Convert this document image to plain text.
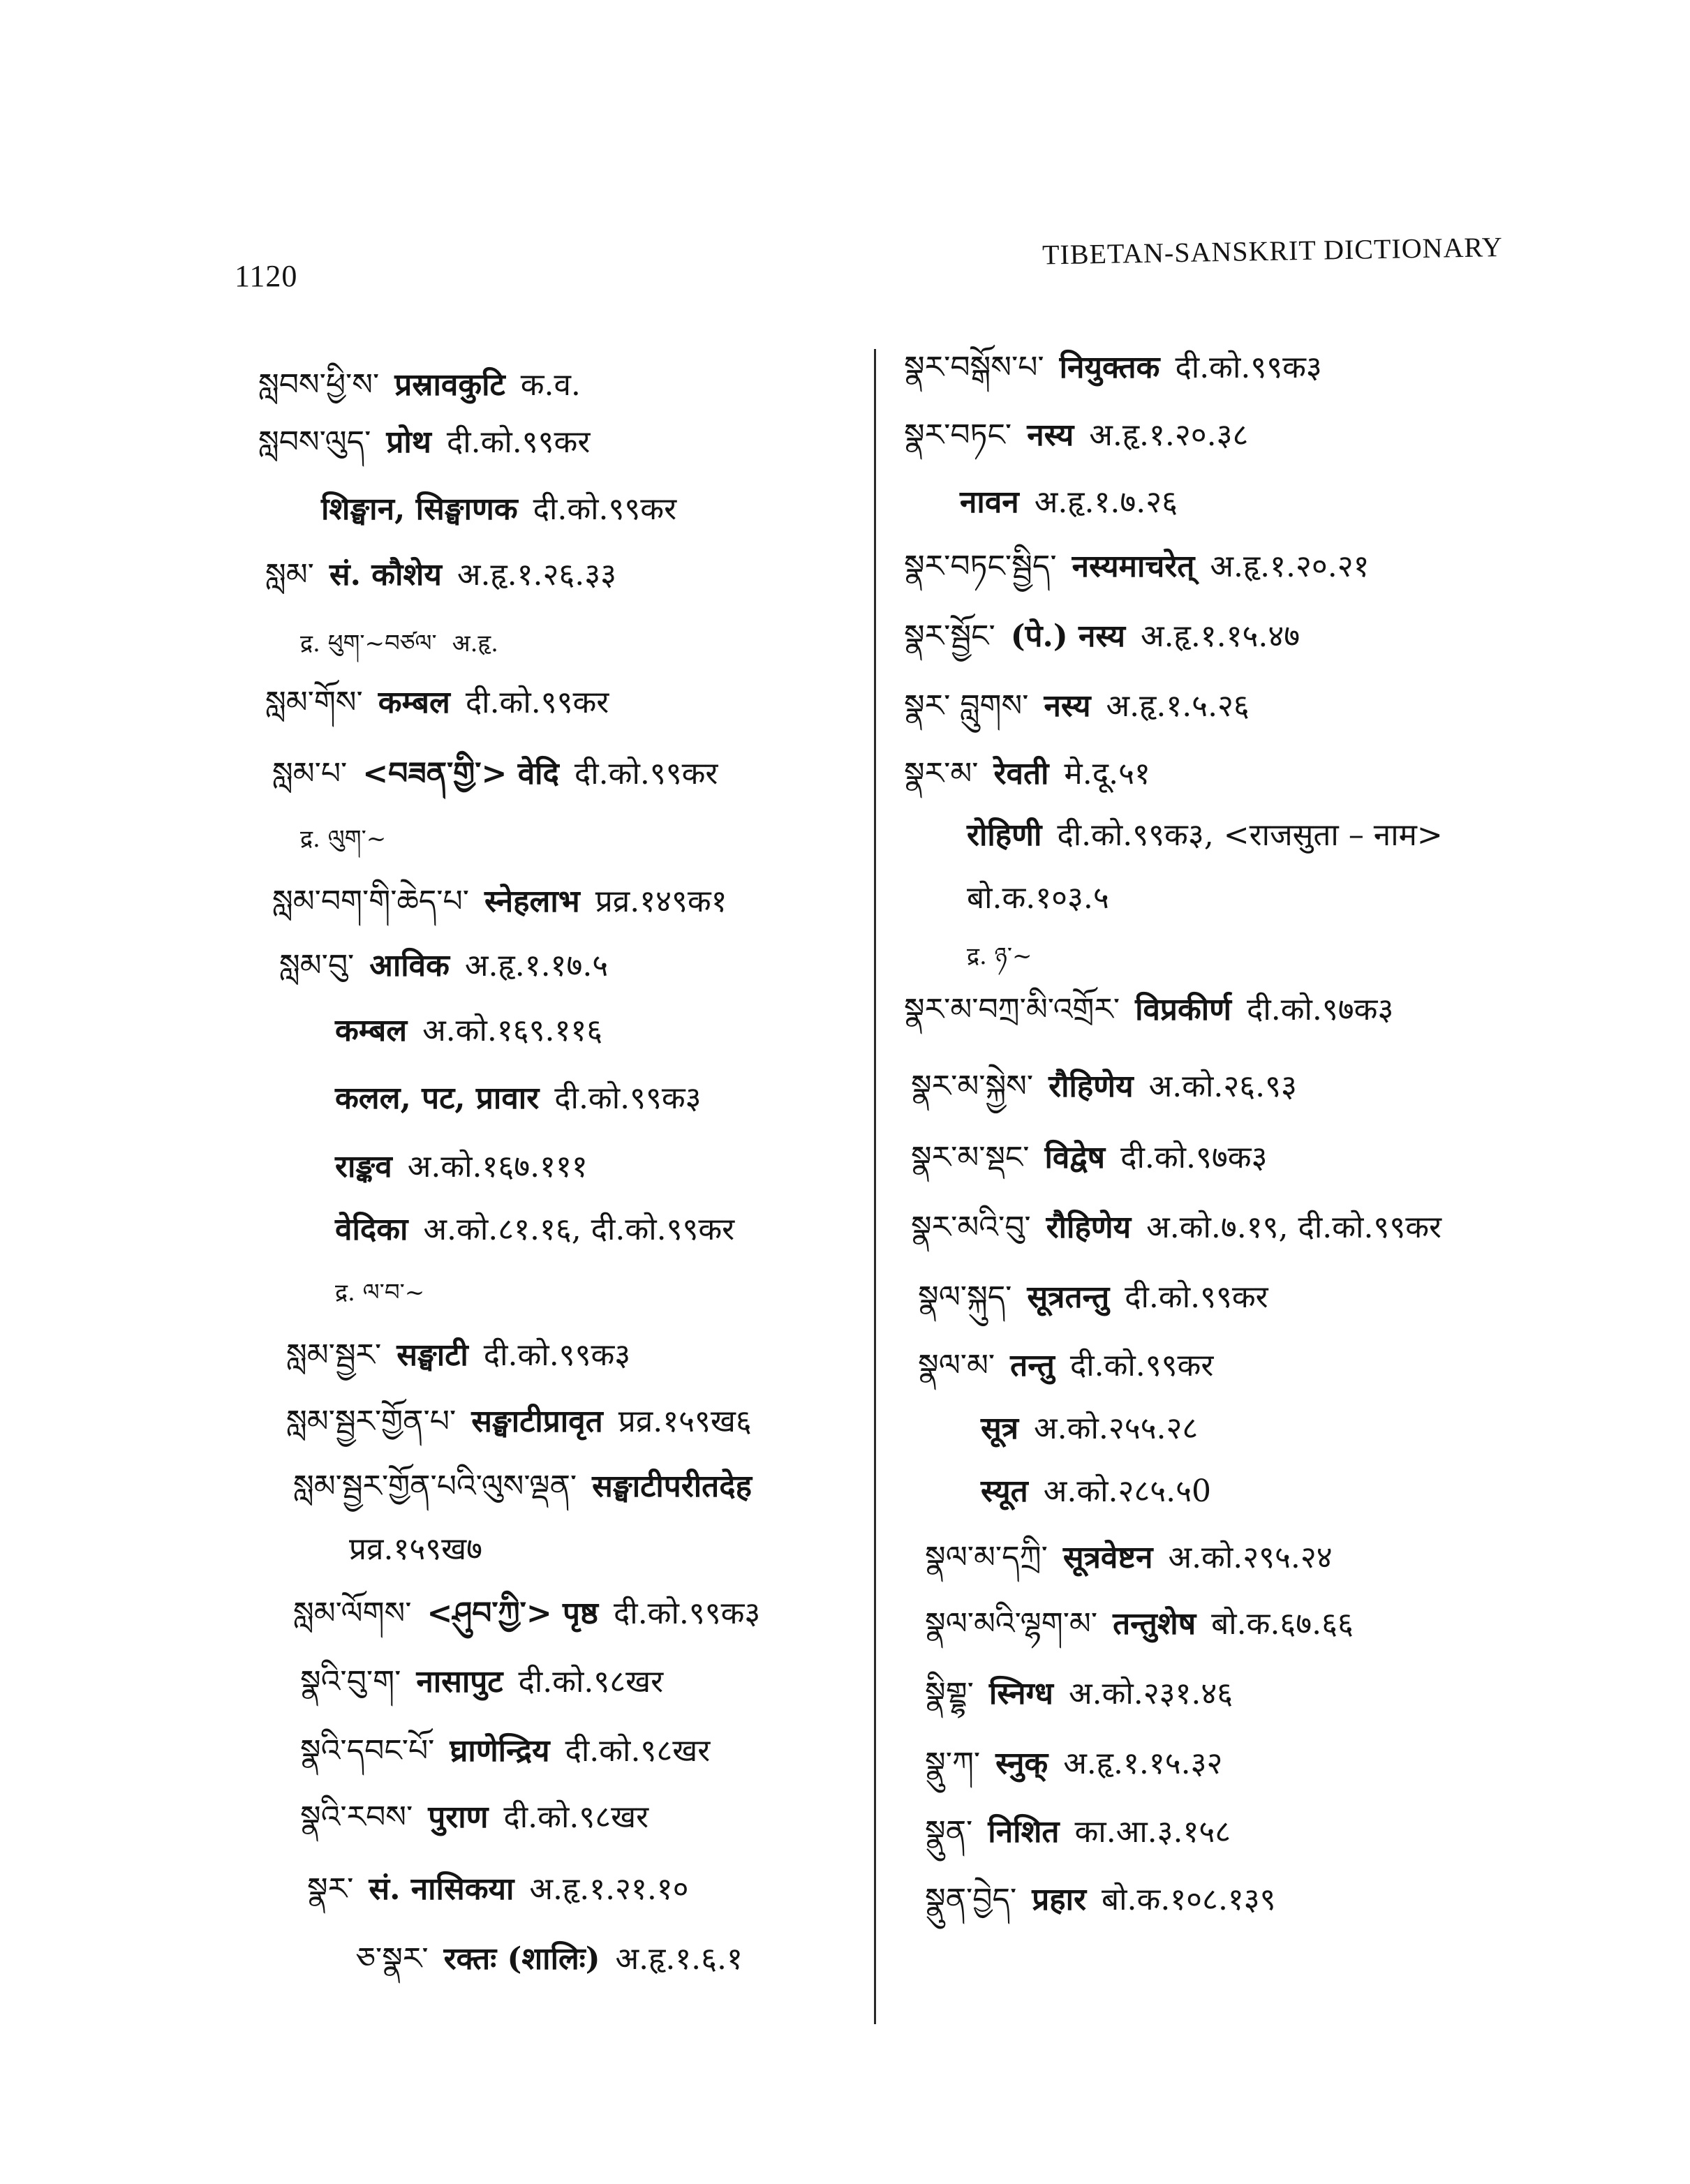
1120
TIBETAN-SANSKRIT DICTIONARY
སླབས་ཕྱི་ས་ प्रस्रावकुटि क.व.
སླབས་ལུད་ प्रोथ दी.को.९९कर
शिङ्घान, सिङ्घाणक दी.को.९९कर
སླམ་ सं. कौशेय अ.हृ.१.२६.३३
द्र. ཕུག་~བཙལ་ अ.हृ.
སླམ་གོས་ कम्बल दी.को.९९कर
སླམ་པ་ <བཟན་གྱི་> वेदि दी.को.९९कर
द्र. ལུག་~
སླམ་བག་གི་ཆེད་པ་ स्नेहलाभ प्रव्र.१४९क१
སླམ་བུ་ आविक अ.हृ.१.१७.५
कम्बल अ.को.१६९.११६
कलल, पट, प्रावार दी.को.९९क३
राङ्कव अ.को.१६७.१११
वेदिका अ.को.८१.१६, दी.को.९९कर
द्र. ལ་བ་~
སླམ་སྦྱར་ सङ्घाटी दी.को.९९क३
སླམ་སྦྱར་གྱོན་པ་ सङ्घाटीप्रावृत प्रव्र.१५९ख६
སླམ་སྦྱར་གྱོན་པའི་ལུས་ལྡན་ सङ्घाटीपरीतदेह
प्रव्र.१५९ख७
སླམ་ལོགས་ <ཤུབ་ཀྱི་> पृष्ठ दी.को.९९क३
སྣའི་བུ་ག་ नासापुट दी.को.९८खर
སྣའི་དབང་པོ་ घ्राणेन्द्रिय दी.को.९८खर
སྣའི་རབས་ पुराण दी.को.९८खर
སྣར་ सं. नासिकया अ.हृ.१.२१.१०
ཅ་སྣར་ रक्तः (शालिः) अ.हृ.१.६.१
སྣར་བསྒོས་པ་ नियुक्तक दी.को.९९क३
སྣར་བཏང་ नस्य अ.हृ.१.२०.३८
नावन अ.हृ.१.७.२६
སྣར་བཏང་སྦྱིད་ नस्यमाचरेत् अ.हृ.१.२०.२१
སྣར་སྦྱོང་ (पे.) नस्य अ.हृ.१.१५.४७
སྣར་ བླུགས་ नस्य अ.हृ.१.५.२६
སྣར་མ་ रेवती मे.दू.५१
रोहिणी दी.को.९९क३, <राजसुता – नाम>
बो.क.१०३.५
द्र. ཉ་~
སྣར་མ་བཀྲ་མི་འགྲོར་ विप्रकीर्ण दी.को.९७क३
སྣར་མ་སྐྱེས་ रौहिणेय अ.को.२६.९३
སྣར་མ་སྡང་ विद्वेष दी.को.९७क३
སྣར་མའི་བུ་ रौहिणेय अ.को.७.१९, दी.को.९९कर
སྣལ་སྐུད་ सूत्रतन्तु दी.को.९९कर
སྣལ་མ་ तन्तु दी.को.९९कर
सूत्र अ.को.२५५.२८
स्यूत अ.को.२८५.५0
སྣལ་མ་དཀྲི་ सूत्रवेष्टन अ.को.२९५.२४
སྣལ་མའི་ལྷག་མ་ तन्तुशेष बो.क.६७.६६
སྣིགྡྷ་ स्निग्ध अ.को.२३१.४६
སྣུ་ཀ་ स्नुक् अ.हृ.१.१५.३२
སྣུན་ निशित का.आ.३.१५८
སྣུན་བྱེད་ प्रहार बो.क.१०८.१३९
